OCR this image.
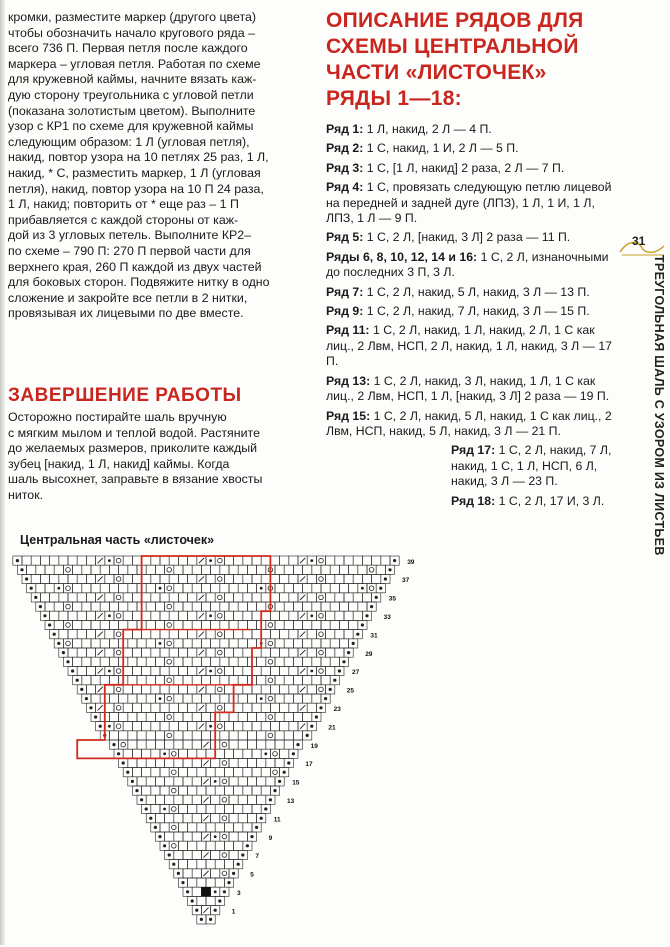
кромки, разместите маркер (другого цвета)

чтобы обозначить начало кругового ряда –

всего 736 П. Первая петля после каждого

маркера – угловая петля. Работая по схеме

для кружевной каймы, начните вязать каж-

дую сторону треугольника с угловой петли

(показана золотистым цветом). Выполните

узор с КР1 по схеме для кружевной каймы

следующим образом: 1 Л (угловая петля),

накид, повтор узора на 10 петлях 25 раз, 1 Л,

накид, * С, разместить маркер, 1 Л (угловая

петля), накид, повтор узора на 10 П 24 раза,

1 Л, накид; повторить от * еще раз – 1 П

прибавляется с каждой стороны от каж-

дой из 3 угловых петель. Выполните КР2–

по схеме – 790 П: 270 П первой части для

верхнего края, 260 П каждой из двух частей

для боковых сторон. Подвяжите нитку в одно

сложение и закройте все петли в 2 нитки,

провязывая их лицевыми по две вместе.

ЗАВЕРШЕНИЕ РАБОТЫ
Осторожно постирайте шаль вручную
с мягким мылом и теплой водой. Растяните
до желаемых размеров, приколите каждый
зубец [накид, 1 Л, накид] каймы. Когда
шаль высохнет, заправьте в вязание хвосты
ниток.
ОПИСАНИЕ РЯДОВ ДЛЯ
СХЕМЫ ЦЕНТРАЛЬНОЙ
ЧАСТИ «ЛИСТОЧЕК»
РЯДЫ 1—18:
Ряд 1: 1 Л, накид, 2 Л — 4 П.
Ряд 2: 1 С, накид, 1 И, 2 Л — 5 П.
Ряд 3: 1 С, [1 Л, накид] 2 раза, 2 Л — 7 П.
Ряд 4: 1 С, провязать следующую петлю лицевой на передней и задней дуге (ЛПЗ), 1 Л, 1 И, 1 Л, ЛПЗ, 1 Л — 9 П.
Ряд 5: 1 С, 2 Л, [накид, 3 Л] 2 раза — 11 П.
Ряды 6, 8, 10, 12, 14 и 16: 1 С, 2 Л, изнаночными до последних 3 П, 3 Л.
Ряд 7: 1 С, 2 Л, накид, 5 Л, накид, 3 Л — 13 П.
Ряд 9: 1 С, 2 Л, накид, 7 Л, накид, 3 Л — 15 П.
Ряд 11: 1 С, 2 Л, накид, 1 Л, накид, 2 Л, 1 С как лиц., 2 Лвм, НСП, 2 Л, накид, 1 Л, накид, 3 Л — 17 П.
Ряд 13: 1 С, 2 Л, накид, 3 Л, накид, 1 Л, 1 С как лиц., 2 Лвм, НСП, 1 Л, [накид, 3 Л] 2 раза — 19 П.
Ряд 15: 1 С, 2 Л, накид, 5 Л, накид, 1 С как лиц., 2 Лвм, НСП, накид, 5 Л, накид, 3 Л — 21 П.
Ряд 17: 1 С, 2 Л, накид, 7 Л, накид, 1 С, 1 Л, НСП, 6 Л, накид, 3 Л — 23 П.
Ряд 18: 1 С, 2 Л, 17 И, 3 Л.
31
ТРЕУГОЛЬНАЯ ШАЛЬ С УЗОРОМ ИЗ ЛИСТЬЕВ
Центральная часть «листочек»
39
37
35
33
31
29
27
25
23
21
19
17
15
13
11
9
7
5
3
1
